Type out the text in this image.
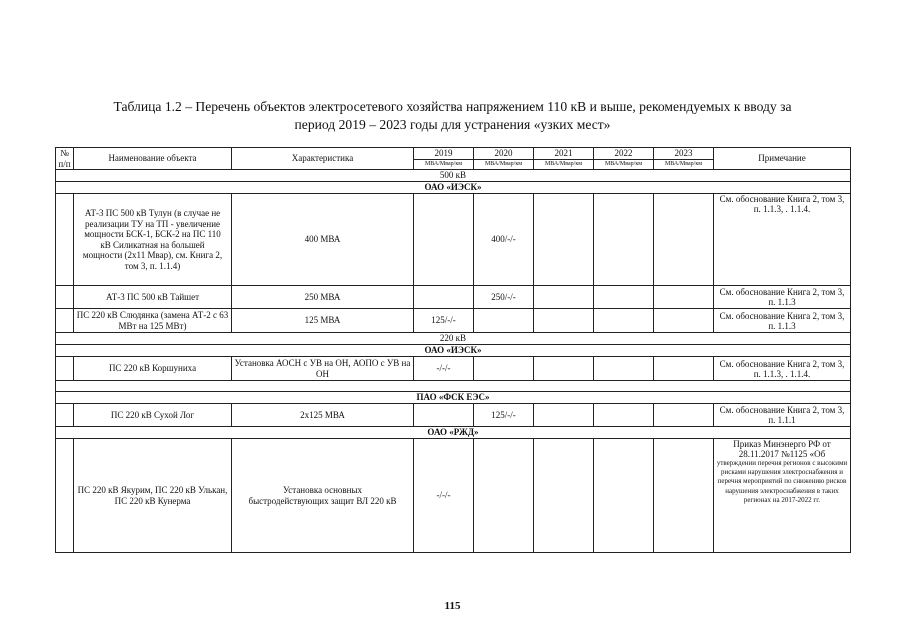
Таблица 1.2 – Перечень объектов электросетевого хозяйства напряжением 110 кВ и выше, рекомендуемых к вводу за
период 2019 – 2023 годы для устранения «узких мест»
№ п/п	Наименование объекта	Характеристика	2019	2020	2021	2022	2023	Примечание
			МВА/Мвар/км	МВА/Мвар/км	МВА/Мвар/км	МВА/Мвар/км	МВА/Мвар/км	
500 кВ								
ОАО «ИЭСК»								
	АТ-3 ПС 500 кВ Тулун (в случае не реализации ТУ на ТП - увеличение мощности БСК-1, БСК-2 на ПС 110 кВ Силикатная на большей мощности (2х11 Мвар), см. Книга 2, том 3, п. 1.1.4)	400 МВА		400/-/-				См. обоснование Книга 2, том 3, п. 1.1.3, . 1.1.4.
	АТ-3 ПС 500 кВ Тайшет	250 МВА		250/-/-				См. обоснование Книга 2, том 3, п. 1.1.3
	ПС 220 кВ Слюдянка (замена АТ-2 с 63 МВт на 125 МВт)	125 МВА	125/-/-					См. обоснование Книга 2, том 3, п. 1.1.3
220 кВ								
ОАО «ИЭСК»								
	ПС 220 кВ Коршуниха	Установка АОСН с УВ на ОН, АОПО с УВ на ОН	-/-/-					См. обоснование Книга 2, том 3, п. 1.1.3, . 1.1.4.

ПАО «ФСК ЕЭС»								
	ПС 220 кВ Сухой Лог	2х125 МВА		125/-/-				См. обоснование Книга 2, том 3, п. 1.1.1
ОАО «РЖД»								
	ПС 220 кВ Якурим, ПС 220 кВ Улькан, ПС 220 кВ Кунерма	Установка основных быстродействующих защит ВЛ 220 кВ	-/-/-					Приказ Минэнерго РФ от 28.11.2017 №1125 «Об
утверждении перечня регионов с высокими рисками нарушения электроснабжения и перечня мероприятий по снижению рисков нарушения электроснабжения в таких регионах на 2017-2022 гг.
115
